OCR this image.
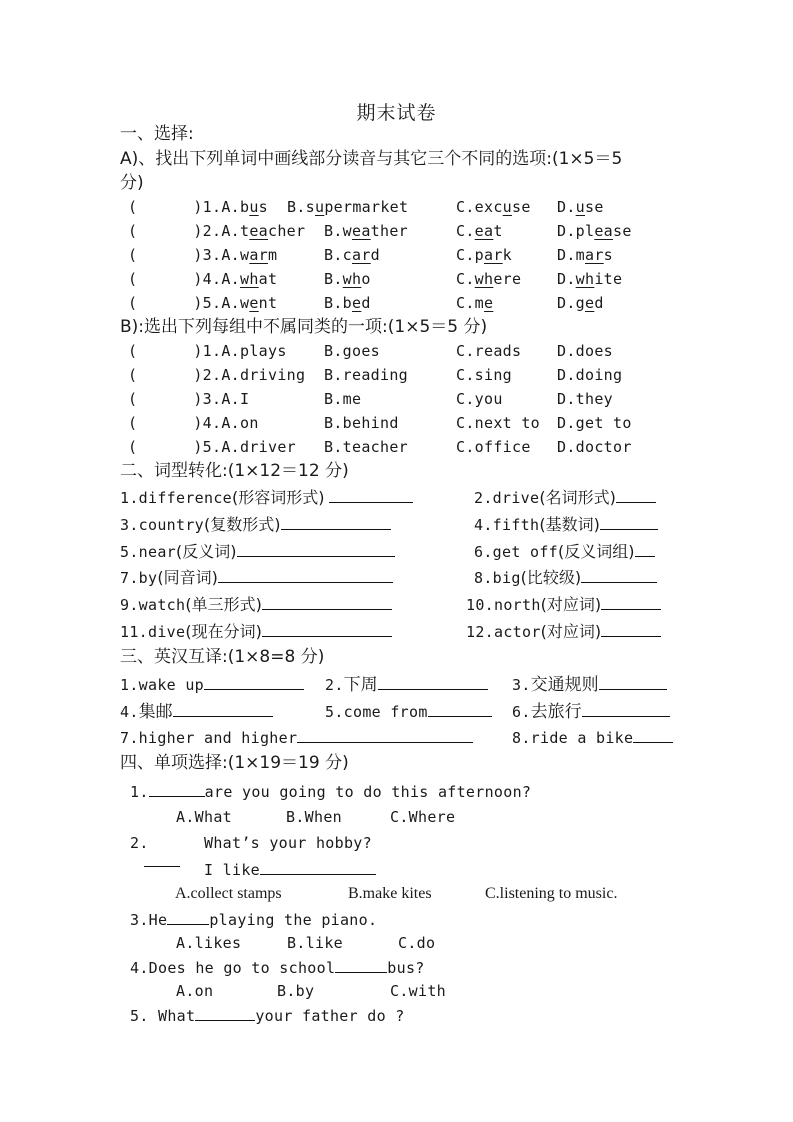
期末试卷
一、选择:
A)、找出下列单词中画线部分读音与其它三个不同的选项:(1×5＝5
分)
(      )1.A.bus B.supermarket	C.excuse D.use
(      )2.A.teacher B.weather	C.eat	D.please
(      )3.A.warm	B.card	C.park	D.mars
(      )4.A.what	B.who	C.where D.white
(      )5.A.went	B.bed	C.me	D.ged
B):选出下列每组中不属同类的一项:(1×5＝5 分)
(      )1.A.plays B.goes	C.reads D.does
(      )2.A.driving B.reading	C.sing	D.doing
(      )3.A.I	B.me	C.you	D.they
(      )4.A.on	B.behind	C.next to D.get to
(      )5.A.driver B.teacher	C.office D.doctor
二、词型转化:(1×12＝12 分)
1.difference(形容词形式)	2.drive(名词形式)
3.country(复数形式)	4.fifth(基数词)
5.near(反义词)	6.get off(反义词组)
7.by(同音词)	8.big(比较级)
9.watch(单三形式)	10.north(对应词)
11.dive(现在分词)	12.actor(对应词)
三、英汉互译:(1×8=8 分)
1.wake up	2.下周	3.交通规则
4.集邮	5.come from	6.去旅行
7.higher and higher	8.ride a bike
四、单项选择:(1×19＝19 分)
1.	are you going to do this afternoon?
A.What	B.When	C.Where
2.	What’s your hobby?
I like
A.collect stamps	B.make kites	C.listening to music.
3.He	playing the piano.
A.likes	B.like	C.do
4.Does he go to school	bus?
A.on	B.by	C.with
5. What	your father do ?
